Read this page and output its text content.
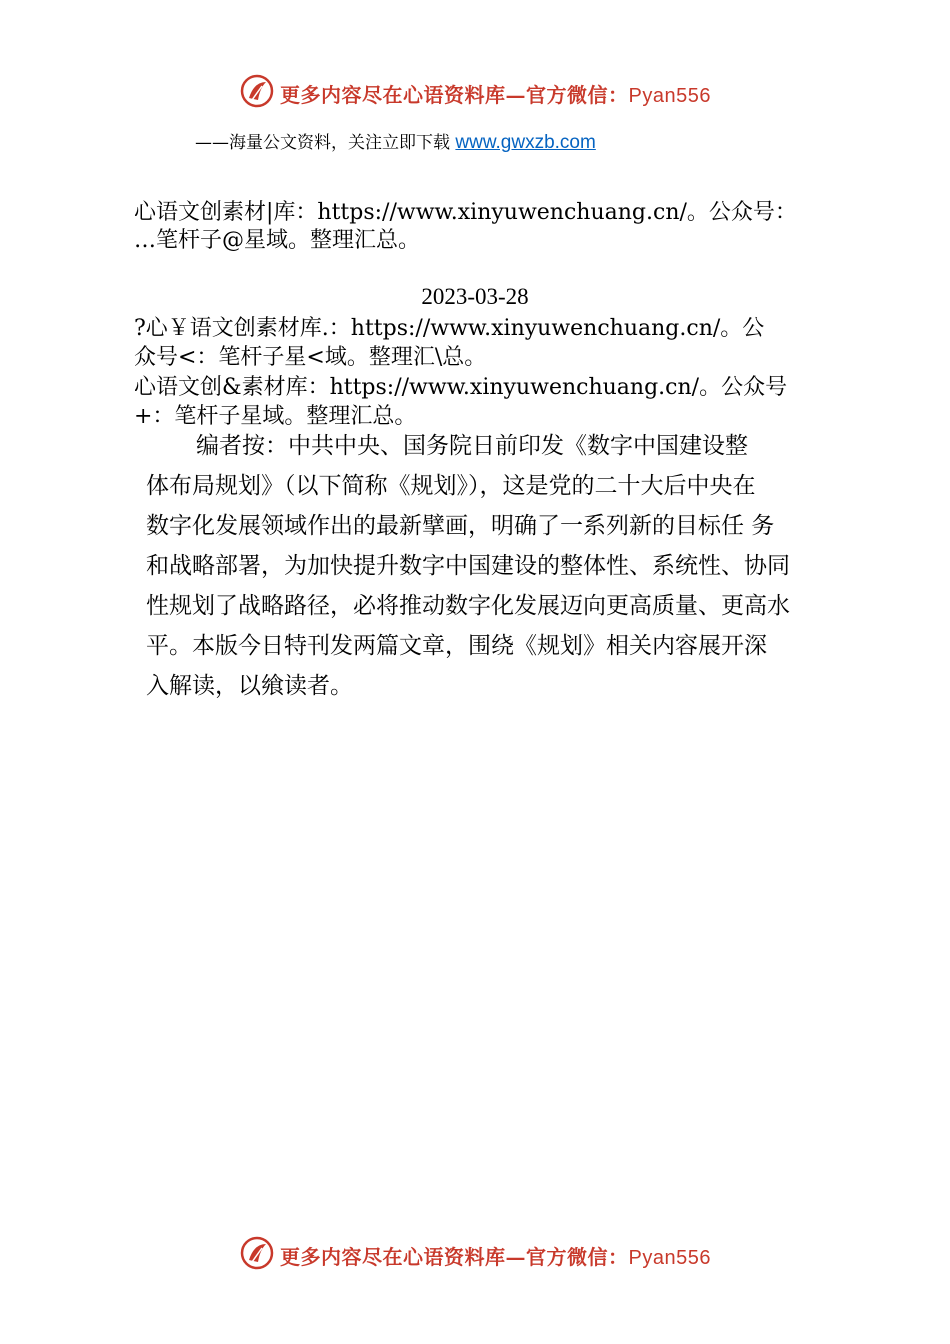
更多内容尽在心语资料库—官方微信：Pyan556
——海量公文资料，关注立即下载 www.gwxzb.com
心语文创素材|库：https://www.xinyuwenchuang.cn/。公众号：
…笔杆子@星域。整理汇总。
2023-03-28
?心￥语文创素材库.：https://www.xinyuwenchuang.cn/。公
众号<：笔杆子星<域。整理汇\总。
心语文创&素材库：https://www.xinyuwenchuang.cn/。公众号
+：笔杆子星域。整理汇总。
编者按：中共中央、国务院日前印发《数字中国建设整
体布局规划》（以下简称《规划》），这是党的二十大后中央在
数字化发展领域作出的最新擘画，明确了一系列新的目标任 务
和战略部署，为加快提升数字中国建设的整体性、系统性、协同
性规划了战略路径，必将推动数字化发展迈向更高质量、更高水
平。本版今日特刊发两篇文章，围绕《规划》相关内容展开深
入解读，以飨读者。
更多内容尽在心语资料库—官方微信：Pyan556
